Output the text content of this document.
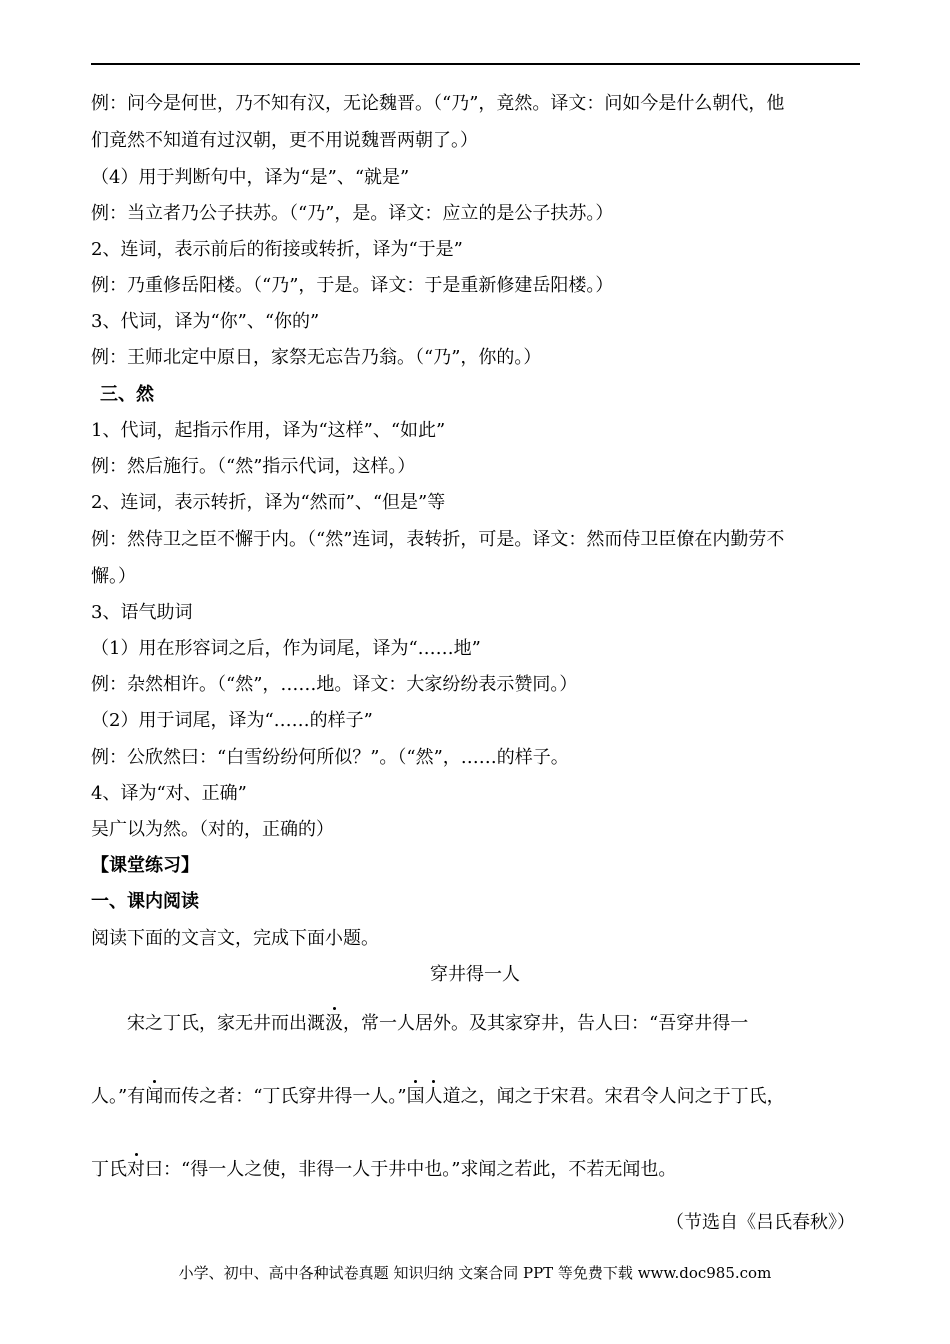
例：问今是何世，乃不知有汉，无论魏晋。（“乃”，竟然。译文：问如今是什么朝代，他
们竟然不知道有过汉朝，更不用说魏晋两朝了。）
（4）用于判断句中，译为“是”、“就是”
例：当立者乃公子扶苏。（“乃”，是。译文：应立的是公子扶苏。）
2、连词，表示前后的衔接或转折，译为“于是”
例：乃重修岳阳楼。（“乃”，于是。译文：于是重新修建岳阳楼。）
3、代词，译为“你”、“你的”
例：王师北定中原日，家祭无忘告乃翁。（“乃”，你的。）
三、然
1、代词，起指示作用，译为“这样”、“如此”
例：然后施行。（“然”指示代词，这样。）
2、连词，表示转折，译为“然而”、“但是”等
例：然侍卫之臣不懈于内。（“然”连词，表转折，可是。译文：然而侍卫臣僚在内勤劳不
懈。）
3、语气助词
（1）用在形容词之后，作为词尾，译为“……地”
例：杂然相许。（“然”，……地。译文：大家纷纷表示赞同。）
（2）用于词尾，译为“……的样子”
例：公欣然曰：“白雪纷纷何所似？”。（“然”，……的样子。
4、译为“对、正确”
吴广以为然。（对的，正确的）
【课堂练习】
一、课内阅读
阅读下面的文言文，完成下面小题。
穿井得一人
宋之丁氏，家无井而出溉汲，常一人居外。及其家穿井，告人曰：“吾穿井得一
人。”有闻而传之者：“丁氏穿井得一人。”国人道之，闻之于宋君。宋君令人问之于丁氏，
丁氏对曰：“得一人之使，非得一人于井中也。”求闻之若此，不若无闻也。
（节选自《吕氏春秋》）
小学、初中、高中各种试卷真题 知识归纳 文案合同 PPT 等免费下载 www.doc985.com
